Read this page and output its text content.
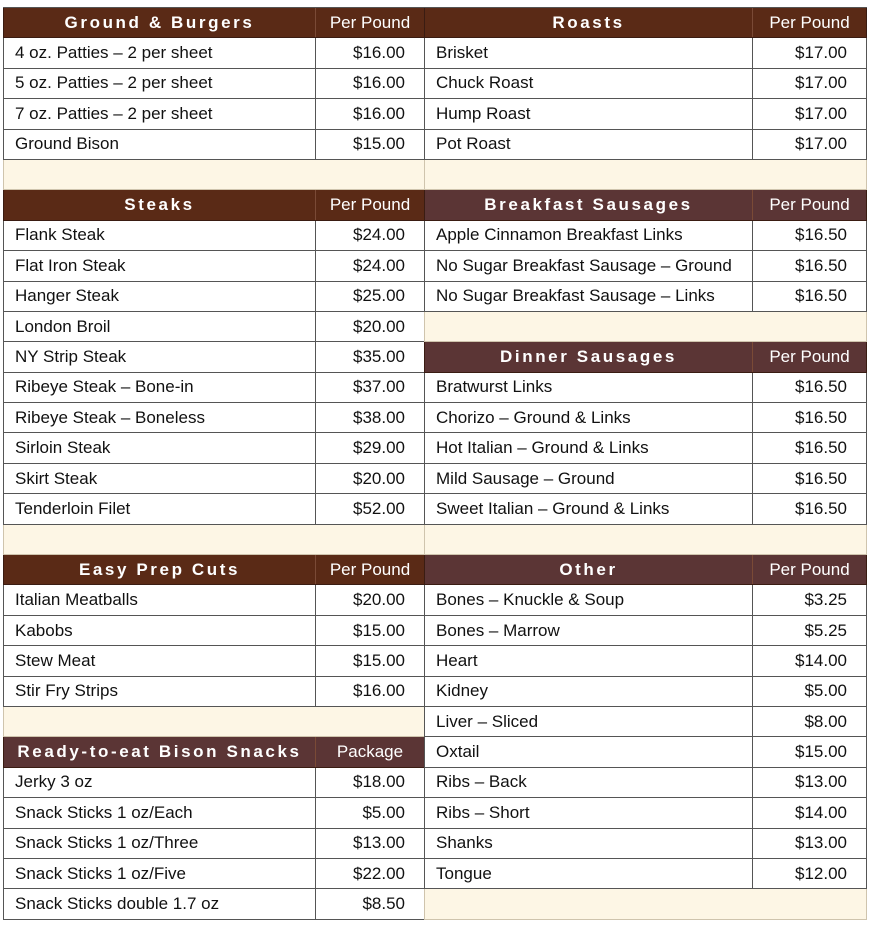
Ground & Burgers	Per Pound
4 oz. Patties – 2 per sheet	$16.00
5 oz. Patties – 2 per sheet	$16.00
7 oz. Patties – 2 per sheet	$16.00
Ground Bison	$15.00
Steaks	Per Pound
Flank Steak	$24.00
Flat Iron Steak	$24.00
Hanger Steak	$25.00
London Broil	$20.00
NY Strip Steak	$35.00
Ribeye Steak – Bone-in	$37.00
Ribeye Steak – Boneless	$38.00
Sirloin Steak	$29.00
Skirt Steak	$20.00
Tenderloin Filet	$52.00
Easy Prep Cuts	Per Pound
Italian Meatballs	$20.00
Kabobs	$15.00
Stew Meat	$15.00
Stir Fry Strips	$16.00
Ready-to-eat Bison Snacks	Package
Jerky 3 oz	$18.00
Snack Sticks 1 oz/Each	$5.00
Snack Sticks 1 oz/Three	$13.00
Snack Sticks 1 oz/Five	$22.00
Snack Sticks double 1.7 oz	$8.50
Roasts	Per Pound
Brisket	$17.00
Chuck Roast	$17.00
Hump Roast	$17.00
Pot Roast	$17.00
Breakfast Sausages	Per Pound
Apple Cinnamon Breakfast Links	$16.50
No Sugar Breakfast Sausage – Ground	$16.50
No Sugar Breakfast Sausage – Links	$16.50
Dinner Sausages	Per Pound
Bratwurst Links	$16.50
Chorizo – Ground & Links	$16.50
Hot Italian – Ground & Links	$16.50
Mild Sausage – Ground	$16.50
Sweet Italian – Ground & Links	$16.50
Other	Per Pound
Bones – Knuckle & Soup	$3.25
Bones – Marrow	$5.25
Heart	$14.00
Kidney	$5.00
Liver – Sliced	$8.00
Oxtail	$15.00
Ribs – Back	$13.00
Ribs – Short	$14.00
Shanks	$13.00
Tongue	$12.00
